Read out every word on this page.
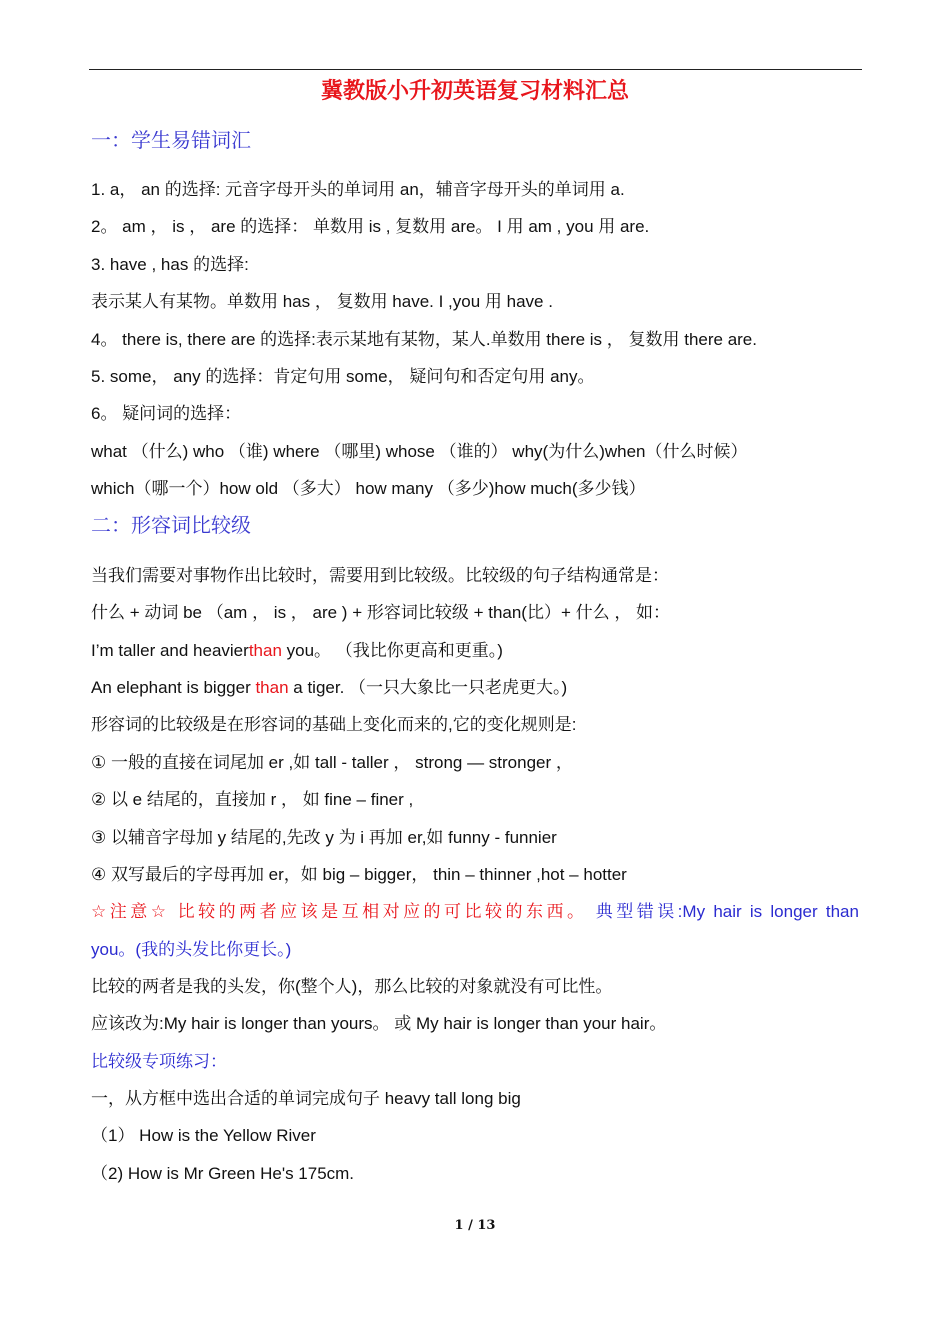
冀教版小升初英语复习材料汇总
一：学生易错词汇
1. a， an 的选择: 元音字母开头的单词用 an，辅音字母开头的单词用 a.
2。 am ， is ， are 的选择： 单数用 is , 复数用 are。 I 用 am , you 用 are.
3. have , has 的选择:
表示某人有某物。单数用 has ， 复数用 have. I ,you 用 have .
4。 there is, there are 的选择:表示某地有某物，某人.单数用 there is ， 复数用 there are.
5. some， any 的选择：肯定句用 some， 疑问句和否定句用 any。
6。 疑问词的选择：
what （什么) who （谁) where （哪里) whose （谁的） why(为什么)when（什么时候）
which（哪一个）how old （多大） how many （多少)how much(多少钱）
二：形容词比较级
当我们需要对事物作出比较时，需要用到比较级。比较级的句子结构通常是：
什么 + 动词 be （am ， is ， are ) + 形容词比较级 + than(比）+ 什么 ， 如：
I’m taller and heavierthan you。 （我比你更高和更重。)
An elephant is bigger than a tiger. （一只大象比一只老虎更大。)
形容词的比较级是在形容词的基础上变化而来的,它的变化规则是:
① 一般的直接在词尾加 er ,如 tall - taller ， strong — stronger ，
② 以 e 结尾的，直接加 r ， 如 fine – finer ,
③ 以辅音字母加 y 结尾的,先改 y 为 i 再加 er,如 funny - funnier
④ 双写最后的字母再加 er，如 big – bigger， thin – thinner ,hot – hotter
☆注意☆ 比较的两者应该是互相对应的可比较的东西。 典型错误:My hair is longer than
you。(我的头发比你更长。)
比较的两者是我的头发，你(整个人)，那么比较的对象就没有可比性。
应该改为:My hair is longer than yours。 或 My hair is longer than your hair。
比较级专项练习：
一，从方框中选出合适的单词完成句子 heavy tall long big
（1） How is the Yellow River
（2) How is Mr Green He's 175cm.
1 / 13
